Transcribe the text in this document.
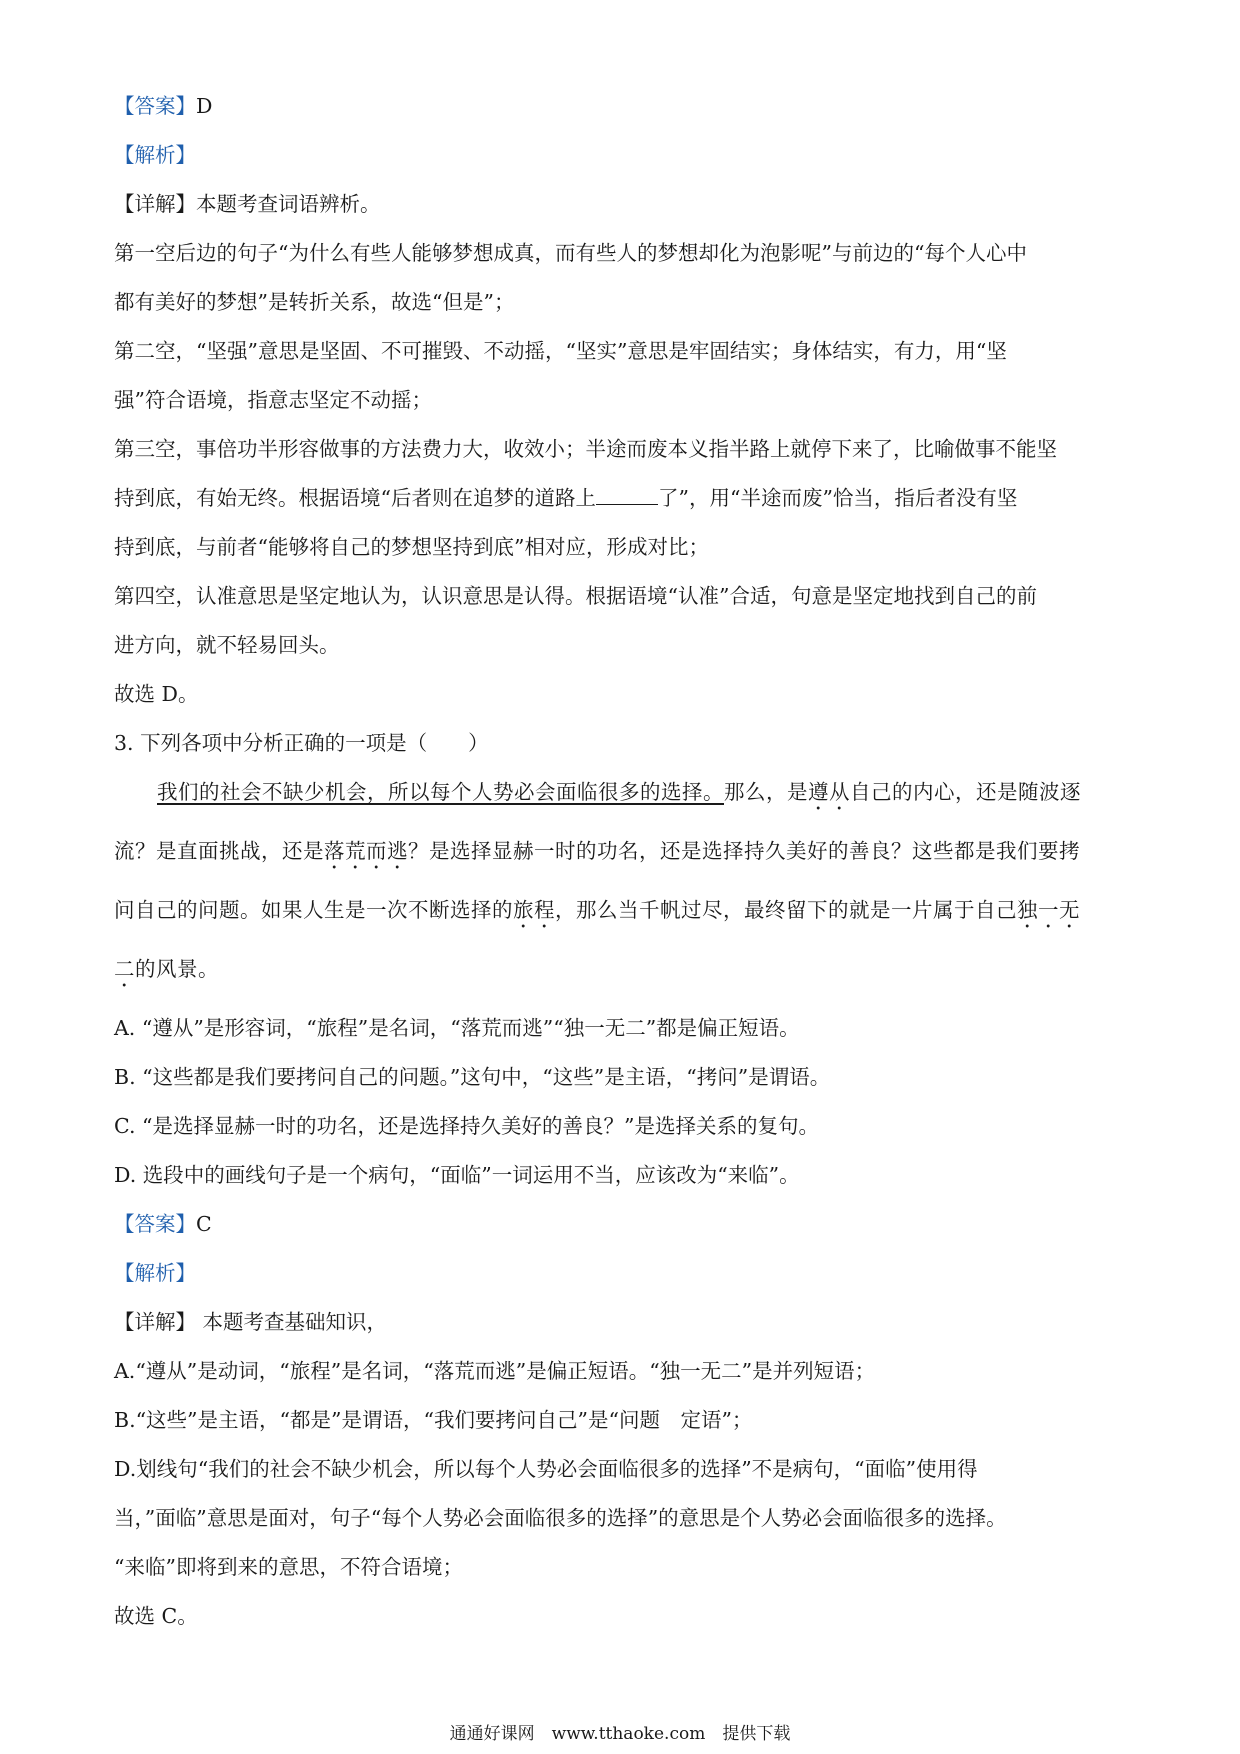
【答案】D
【解析】
【详解】本题考查词语辨析。
第一空后边的句子“为什么有些人能够梦想成真，而有些人的梦想却化为泡影呢”与前边的“每个人心中
都有美好的梦想”是转折关系，故选“但是”；
第二空，“坚强”意思是坚固、不可摧毁、不动摇，“坚实”意思是牢固结实；身体结实，有力，用“坚
强”符合语境，指意志坚定不动摇；
第三空，事倍功半形容做事的方法费力大，收效小；半途而废本义指半路上就停下来了，比喻做事不能坚
持到底，有始无终。根据语境“后者则在追梦的道路上	了”，用“半途而废”恰当，指后者没有坚
持到底，与前者“能够将自己的梦想坚持到底”相对应，形成对比；
第四空，认准意思是坚定地认为，认识意思是认得。根据语境“认准”合适，句意是坚定地找到自己的前
进方向，就不轻易回头。
故选 D。
3. 下列各项中分析正确的一项是（　　）
我们的社会不缺少机会，所以每个人势必会面临很多的选择。那么，是遵从自己的内心，还是随波逐
流？是直面挑战，还是落荒而逃？是选择显赫一时的功名，还是选择持久美好的善良？这些都是我们要拷
问自己的问题。如果人生是一次不断选择的旅程，那么当千帆过尽，最终留下的就是一片属于自己独一无
二的风景。
A. “遵从”是形容词，“旅程”是名词，“落荒而逃”“独一无二”都是偏正短语。
B. “这些都是我们要拷问自己的问题。”这句中，“这些”是主语，“拷问”是谓语。
C. “是选择显赫一时的功名，还是选择持久美好的善良？”是选择关系的复句。
D. 选段中的画线句子是一个病句，“面临”一词运用不当，应该改为“来临”。
【答案】C
【解析】
【详解】 本题考查基础知识，
A.“遵从”是动词，“旅程”是名词，“落荒而逃”是偏正短语。“独一无二”是并列短语；
B.“这些”是主语，“都是”是谓语，“我们要拷问自己”是“问题　定语”；
D.划线句“我们的社会不缺少机会，所以每个人势必会面临很多的选择”不是病句，“面临”使用得
当，”面临”意思是面对，句子“每个人势必会面临很多的选择”的意思是个人势必会面临很多的选择。
“来临”即将到来的意思，不符合语境；
故选 C。
通通好课网　www.tthaoke.com　提供下载
